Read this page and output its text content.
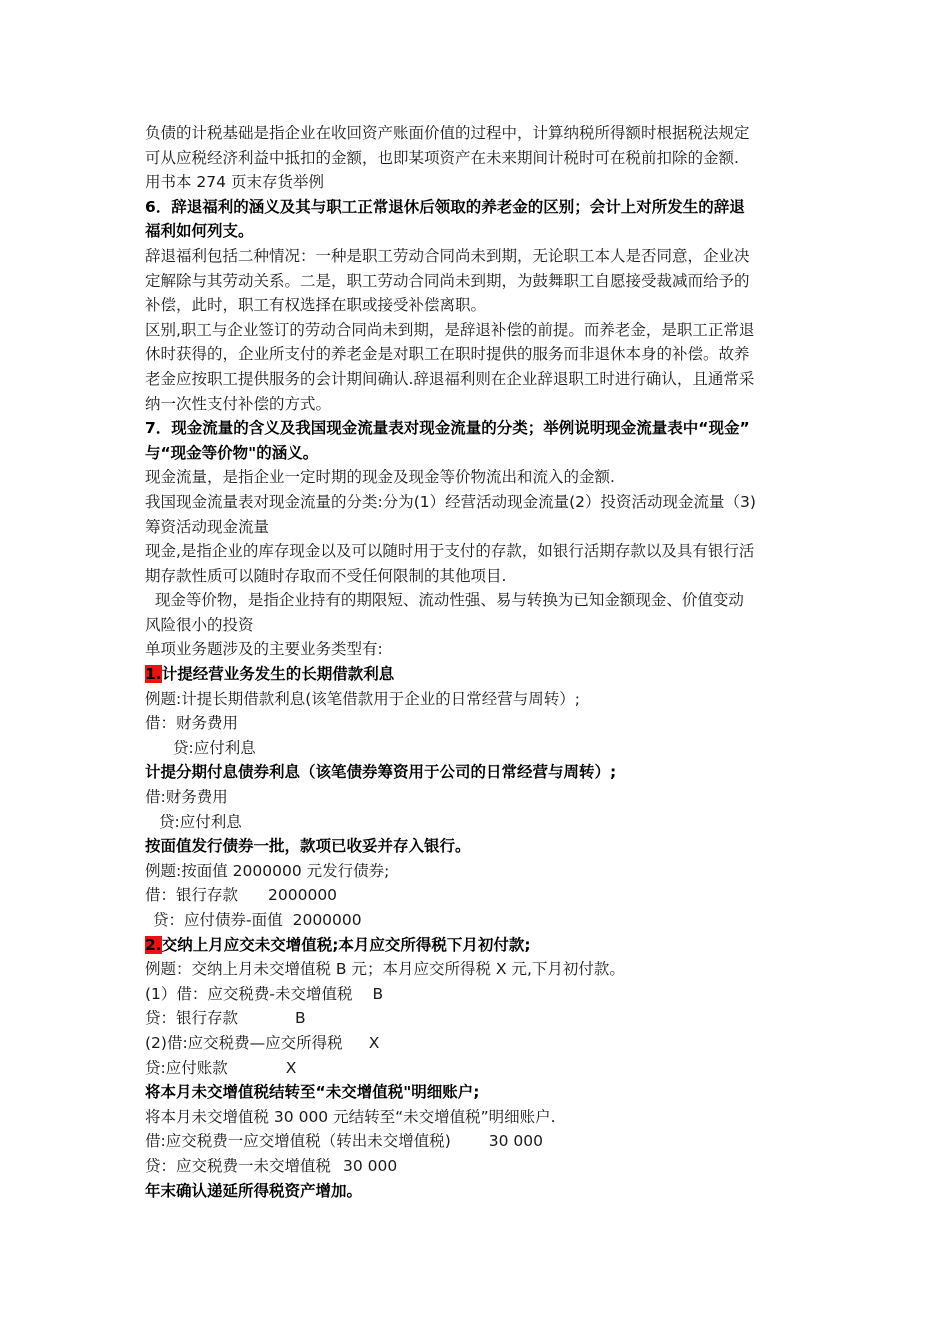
负债的计税基础是指企业在收回资产账面价值的过程中，计算纳税所得额时根据税法规定

可从应税经济利益中抵扣的金额，也即某项资产在未来期间计税时可在税前扣除的金额.

用书本 274 页末存货举例

6．辞退福利的涵义及其与职工正常退休后领取的养老金的区别；会计上对所发生的辞退

福利如何列支。

辞退福利包括二种情况：一种是职工劳动合同尚未到期，无论职工本人是否同意，企业决

定解除与其劳动关系。二是，职工劳动合同尚未到期，为鼓舞职工自愿接受裁减而给予的

补偿，此时，职工有权选择在职或接受补偿离职。

区别,职工与企业签订的劳动合同尚未到期，是辞退补偿的前提。而养老金，是职工正常退

休时获得的，企业所支付的养老金是对职工在职时提供的服务而非退休本身的补偿。故养

老金应按职工提供服务的会计期间确认.辞退福利则在企业辞退职工时进行确认，且通常采

纳一次性支付补偿的方式。

7．现金流量的含义及我国现金流量表对现金流量的分类；举例说明现金流量表中“现金”

与“现金等价物"的涵义。

现金流量，是指企业一定时期的现金及现金等价物流出和流入的金额.

我国现金流量表对现金流量的分类:分为(1）经营活动现金流量(2）投资活动现金流量（3)

筹资活动现金流量

现金,是指企业的库存现金以及可以随时用于支付的存款，如银行活期存款以及具有银行活

期存款性质可以随时存取而不受任何限制的其他项目.

现金等价物，是指企业持有的期限短、流动性强、易与转换为已知金额现金、价值变动

风险很小的投资

单项业务题涉及的主要业务类型有:

1.计提经营业务发生的长期借款利息

例题:计提长期借款利息(该笔借款用于企业的日常经营与周转）;

借：财务费用

贷:应付利息

计提分期付息债券利息（该笔债券筹资用于公司的日常经营与周转）;

借:财务费用

贷:应付利息

按面值发行债券一批，款项已收妥并存入银行。

例题:按面值 2000000 元发行债券;

借：银行存款 2000000

贷：应付债券-面值 2000000

2.交纳上月应交未交增值税;本月应交所得税下月初付款;

例题：交纳上月未交增值税 B 元；本月应交所得税 X 元,下月初付款。

(1）借：应交税费-未交增值税 B

贷：银行存款	B

(2)借:应交税费—应交所得税 X

贷:应付账款	X

将本月未交增值税结转至“未交增值税"明细账户;

将本月未交增值税 30 000 元结转至“未交增值税”明细账户.

借:应交税费一应交增值税（转出未交增值税) 30 000

贷：应交税费一未交增值税 30 000

年末确认递延所得税资产增加。
